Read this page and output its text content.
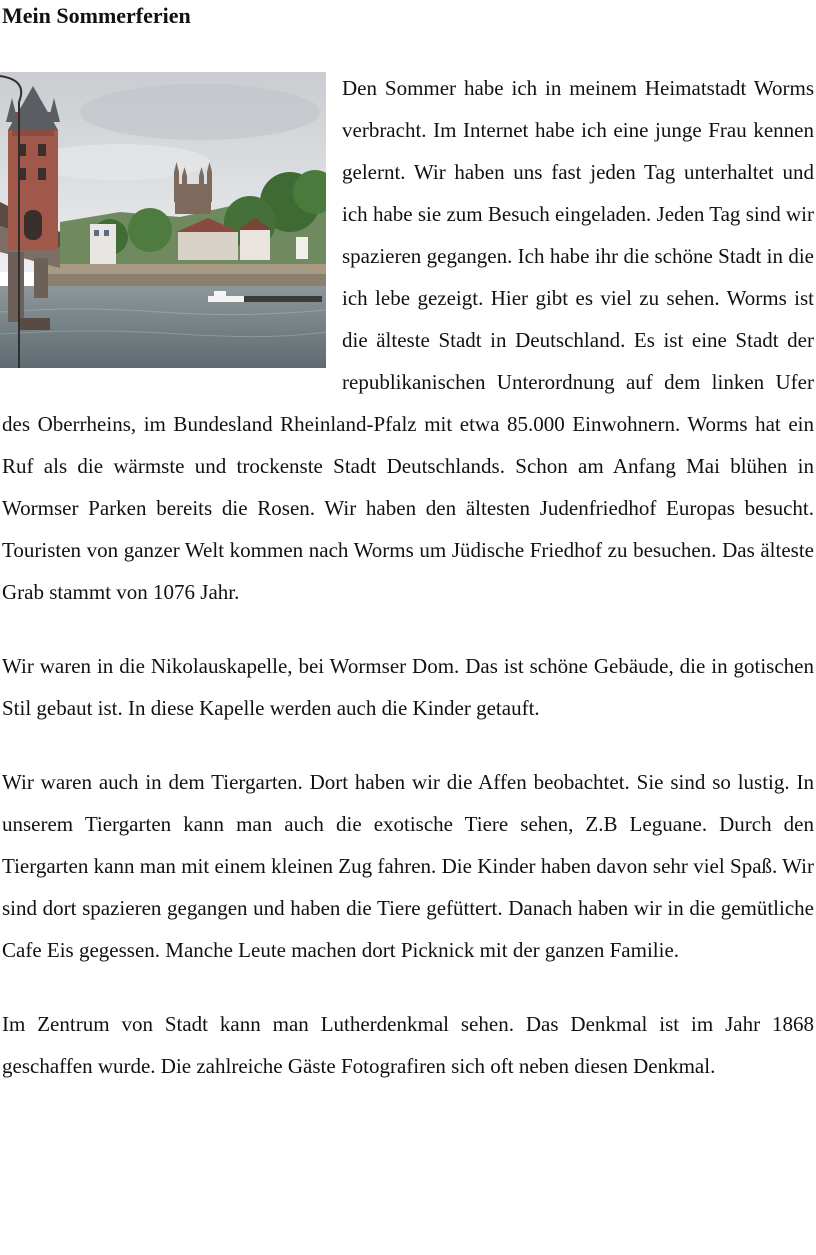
Mein Sommerferien

Den Sommer habe ich in meinem Heimatstadt Worms verbracht. Im Internet habe ich eine junge Frau kennen gelernt. Wir haben uns fast jeden Tag unterhaltet und ich habe sie zum Besuch eingeladen. Jeden Tag sind wir spazieren gegangen. Ich habe ihr die schöne Stadt in die ich lebe gezeigt. Hier gibt es viel zu sehen. Worms ist die älteste Stadt in Deutschland. Es ist eine Stadt der republikanischen Unterordnung auf dem linken Ufer des Oberrheins, im Bundesland Rheinland-Pfalz mit etwa 85.000 Einwohnern. Worms hat ein Ruf als die wärmste und trockenste Stadt Deutschlands. Schon am Anfang Mai blühen in Wormser Parken bereits die Rosen. Wir haben den ältesten Judenfriedhof Europas besucht. Touristen von ganzer Welt kommen nach Worms um Jüdische Friedhof zu besuchen. Das älteste Grab stammt von 1076 Jahr.

Wir waren in die Nikolauskapelle, bei Wormser Dom. Das ist schöne Gebäude, die in gotischen Stil gebaut ist. In diese Kapelle werden auch die Kinder getauft.

Wir waren auch in dem Tiergarten. Dort haben wir die Affen beobachtet. Sie sind so lustig. In unserem Tiergarten kann man auch die exotische Tiere sehen, Z.B Leguane. Durch den Tiergarten kann man mit einem kleinen Zug fahren. Die Kinder haben davon sehr viel Spaß. Wir sind dort spazieren gegangen und haben die Tiere gefüttert. Danach haben wir in die gemütliche Cafe Eis gegessen. Manche Leute machen dort Picknick mit der ganzen Familie.

Im Zentrum von Stadt kann man Lutherdenkmal sehen. Das Denkmal ist im Jahr 1868 geschaffen wurde. Die zahlreiche Gäste Fotografiren sich oft neben diesen Denkmal.
